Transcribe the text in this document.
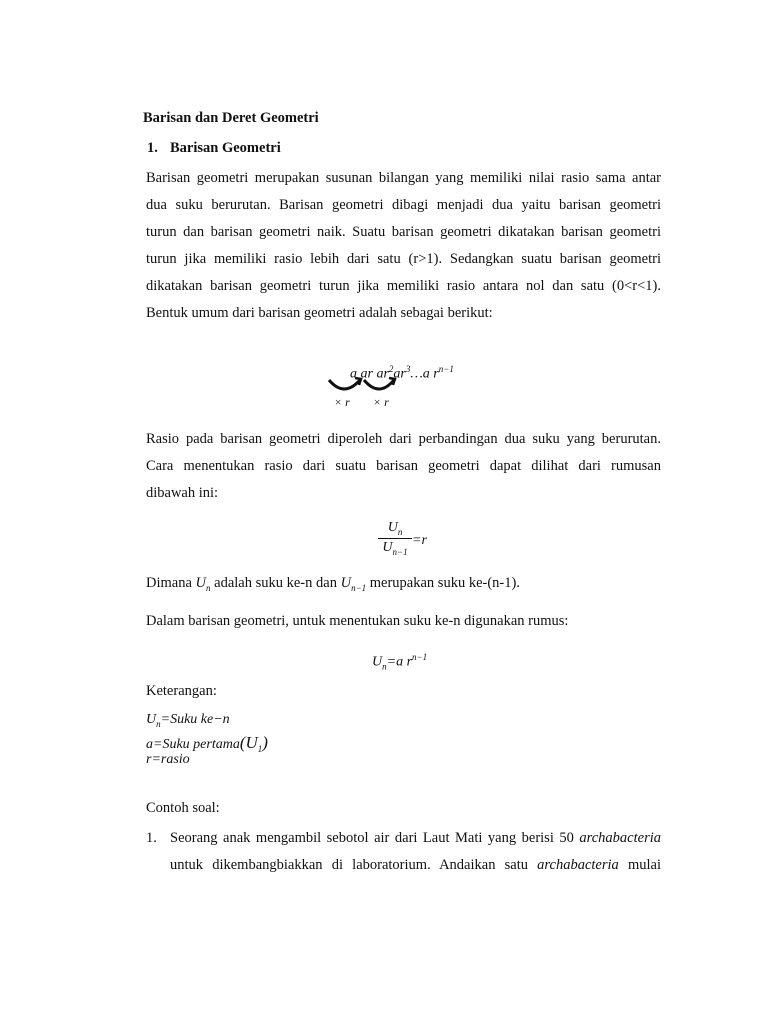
Barisan dan Deret Geometri
1. Barisan Geometri
Barisan geometri merupakan susunan bilangan yang memiliki nilai rasio sama antar
dua suku berurutan. Barisan geometri dibagi menjadi dua yaitu barisan geometri
turun dan barisan geometri naik. Suatu barisan geometri dikatakan barisan geometri
turun jika memiliki rasio lebih dari satu (r>1). Sedangkan suatu barisan geometri
dikatakan barisan geometri turun jika memiliki rasio antara nol dan satu (0<r<1).
Bentuk umum dari barisan geometri adalah sebagai berikut:
a ar $ar^2ar^3\dots a$ $r^{n-1}$
× r × r
Rasio pada barisan geometri diperoleh dari perbandingan dua suku yang berurutan.
Cara menentukan rasio dari suatu barisan geometri dapat dilihat dari rumusan
dibawah ini:
$U_n$
$U_{n-1}$
=r
Dimana $U_n$ adalah suku ke-n dan $U_{n-1}$ merupakan suku ke-(n-1).
Dalam barisan geometri, untuk menentukan suku ke-n digunakan rumus:
$U_n=a$ $r^{n-1}$
Keterangan:
$U_n=Suku$ ke−n
a=Suku $pertama(U_1)$
r=rasio
Contoh soal:
1. Seorang anak mengambil sebotol air dari Laut Mati yang berisi 50 archabacteria
untuk dikembangbiakkan di laboratorium. Andaikan satu archabacteria mulai
